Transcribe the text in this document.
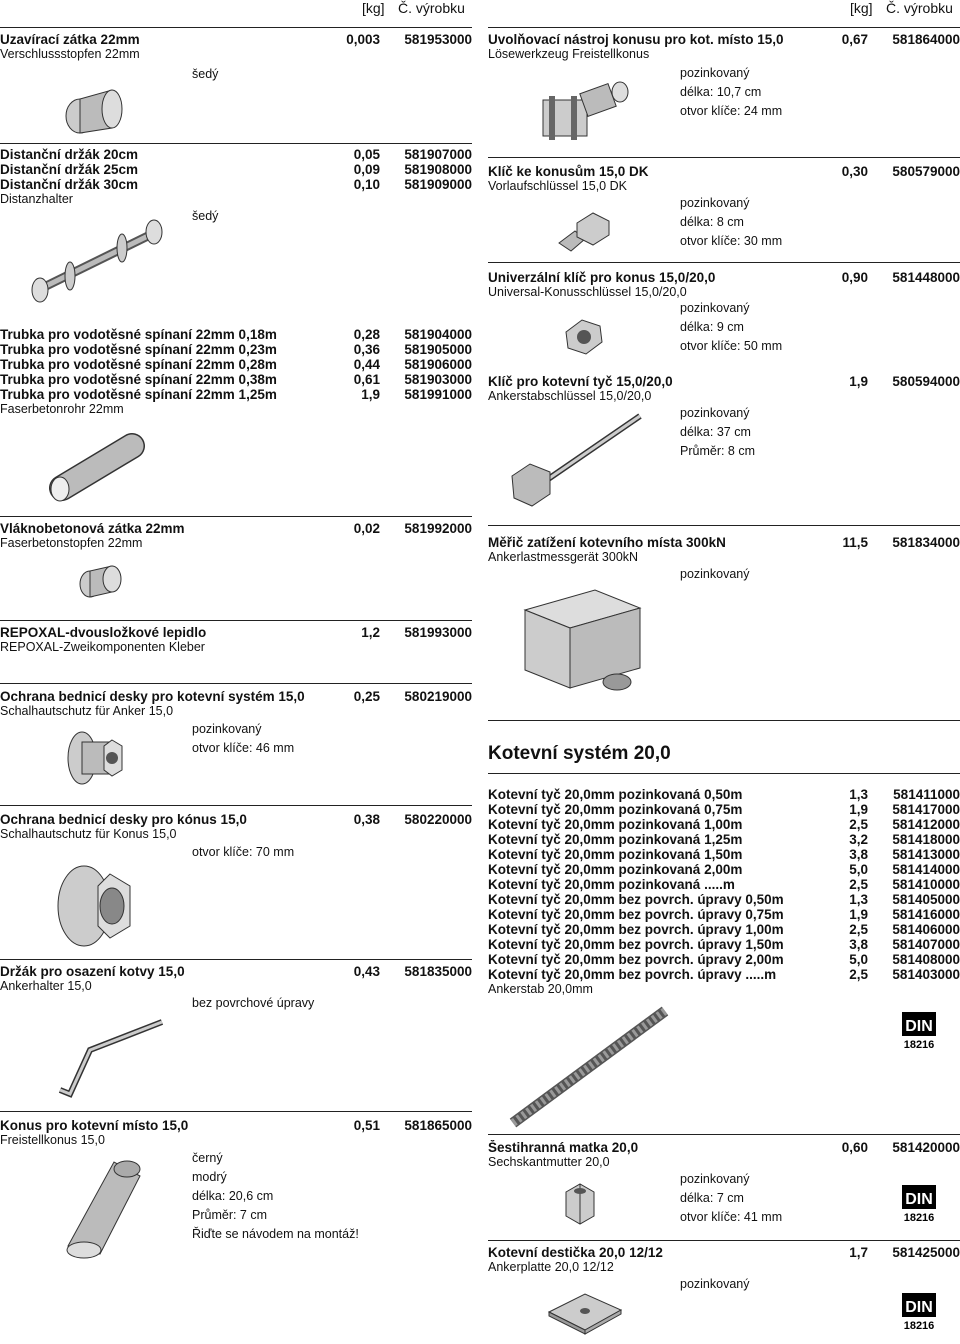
[kg] Č. výrobku	[kg] Č. výrobku
Uzavírací zátka 22mm	0,003	581953000
Verschlussstopfen 22mm
šedý
Distanční držák 20cm	0,05	581907000
Distanční držák 25cm	0,09	581908000
Distanční držák 30cm	0,10	581909000
Distanzhalter
šedý
Trubka pro vodotěsné spínaní 22mm 0,18m	0,28	581904000
Trubka pro vodotěsné spínaní 22mm 0,23m	0,36	581905000
Trubka pro vodotěsné spínaní 22mm 0,28m	0,44	581906000
Trubka pro vodotěsné spínaní 22mm 0,38m	0,61	581903000
Trubka pro vodotěsné spínaní 22mm 1,25m	1,9	581991000
Faserbetonrohr 22mm
Vláknobetonová zátka 22mm	0,02	581992000
Faserbetonstopfen 22mm
REPOXAL-dvousložkové lepidlo	1,2	581993000
REPOXAL-Zweikomponenten Kleber
Ochrana bednicí desky pro kotevní systém 15,0	0,25	580219000
Schalhautschutz für Anker 15,0
pozinkovaný
otvor klíče: 46 mm
Ochrana bednicí desky pro kónus 15,0	0,38	580220000
Schalhautschutz für Konus 15,0
otvor klíče: 70 mm
Držák pro osazení kotvy 15,0	0,43	581835000
Ankerhalter 15,0
bez povrchové úpravy
Konus pro kotevní místo 15,0	0,51	581865000
Freistellkonus 15,0
černý
modrý
délka: 20,6 cm
Průměr: 7 cm
Řiďte se návodem na montáž!
Uvolňovací nástroj konusu pro kot. místo 15,0	0,67	581864000
Lösewerkzeug Freistellkonus
pozinkovaný
délka: 10,7 cm
otvor klíče: 24 mm
Klíč ke konusům 15,0 DK	0,30	580579000
Vorlaufschlüssel 15,0 DK
pozinkovaný
délka: 8 cm
otvor klíče: 30 mm
Univerzální klíč pro konus 15,0/20,0	0,90	581448000
Universal-Konusschlüssel 15,0/20,0
pozinkovaný
délka: 9 cm
otvor klíče: 50 mm
Klíč pro kotevní tyč 15,0/20,0	1,9	580594000
Ankerstabschlüssel 15,0/20,0
pozinkovaný
délka: 37 cm
Průměr: 8 cm
Měřič zatížení kotevního místa 300kN	11,5	581834000
Ankerlastmessgerät 300kN
pozinkovaný
Kotevní systém 20,0
Kotevní tyč 20,0mm pozinkovaná 0,50m	1,3	581411000
Kotevní tyč 20,0mm pozinkovaná 0,75m	1,9	581417000
Kotevní tyč 20,0mm pozinkovaná 1,00m	2,5	581412000
Kotevní tyč 20,0mm pozinkovaná 1,25m	3,2	581418000
Kotevní tyč 20,0mm pozinkovaná 1,50m	3,8	581413000
Kotevní tyč 20,0mm pozinkovaná 2,00m	5,0	581414000
Kotevní tyč 20,0mm pozinkovaná .....m	2,5	581410000
Kotevní tyč 20,0mm bez povrch. úpravy 0,50m	1,3	581405000
Kotevní tyč 20,0mm bez povrch. úpravy 0,75m	1,9	581416000
Kotevní tyč 20,0mm bez povrch. úpravy 1,00m	2,5	581406000
Kotevní tyč 20,0mm bez povrch. úpravy 1,50m	3,8	581407000
Kotevní tyč 20,0mm bez povrch. úpravy 2,00m	5,0	581408000
Kotevní tyč 20,0mm bez povrch. úpravy .....m	2,5	581403000
Ankerstab 20,0mm
DIN
18216
Šestihranná matka 20,0	0,60	581420000
Sechskantmutter 20,0
pozinkovaný
délka: 7 cm
otvor klíče: 41 mm
DIN
18216
Kotevní destička 20,0 12/12	1,7	581425000
Ankerplatte 20,0 12/12
pozinkovaný
DIN
18216
